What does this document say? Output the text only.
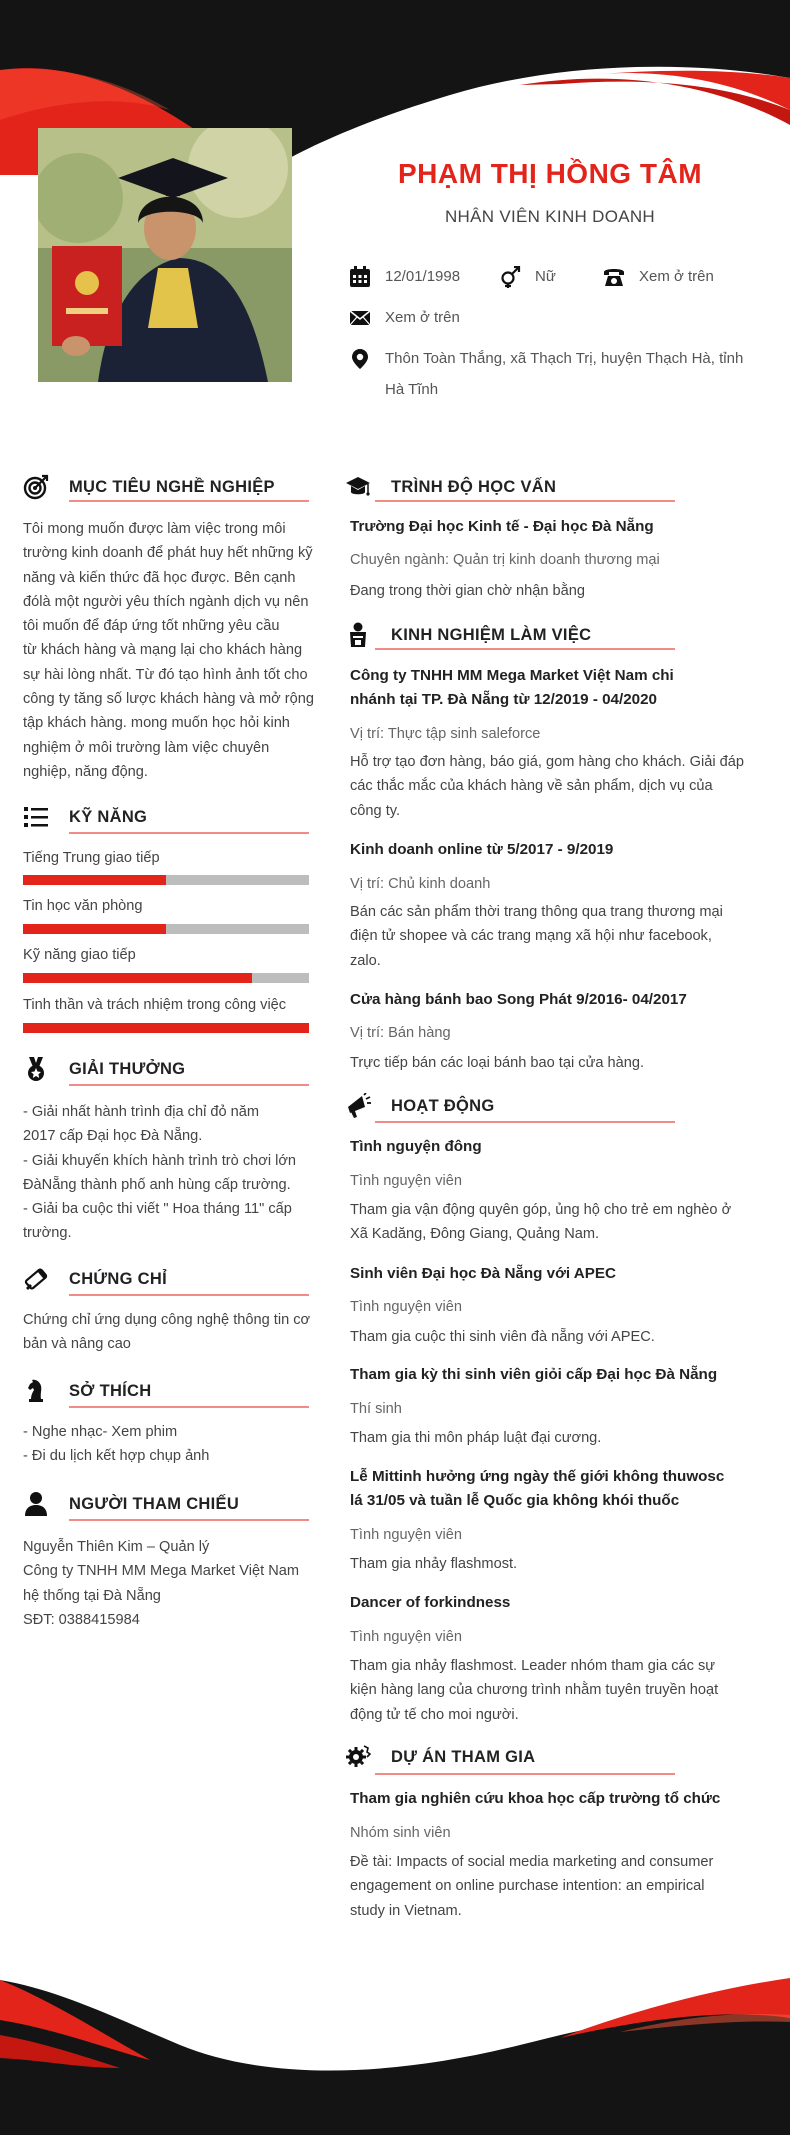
PHẠM THỊ HỒNG TÂM
NHÂN VIÊN KINH DOANH
12/01/1998	Nữ	Xem ở trên
Xem ở trên
Thôn Toàn Thắng, xã Thạch Trị, huyện Thạch Hà, tỉnh
Hà Tĩnh
MỤC TIÊU NGHỀ NGHIỆP
Tôi mong muốn được làm việc trong môi
trường kinh doanh để phát huy hết những kỹ
năng và kiến thức đã học được. Bên cạnh
đólà một người yêu thích ngành dịch vụ nên
tôi muốn để đáp ứng tốt những yêu cầu
từ khách hàng và mạng lại cho khách hàng
sự hài lòng nhất. Từ đó tạo hình ảnh tốt cho
công ty tăng số lược khách hàng và mở rộng
tập khách hàng. mong muốn học hỏi kinh
nghiệm ở môi trường làm việc chuyên
nghiệp, năng động.
KỸ NĂNG
Tiếng Trung giao tiếp
Tin học văn phòng
Kỹ năng giao tiếp
Tinh thần và trách nhiệm trong công việc
GIẢI THƯỞNG
- Giải nhất hành trình địa chỉ đỏ năm
2017 cấp Đại học Đà Nẵng.
- Giải khuyến khích hành trình trò chơi lớn
ĐàNẵng thành phố anh hùng cấp trường.
- Giải ba cuộc thi viết " Hoa tháng 11" cấp
trường.
CHỨNG CHỈ
Chứng chỉ ứng dụng công nghệ thông tin cơ
bản và nâng cao
SỞ THÍCH
- Nghe nhạc- Xem phim
- Đi du lịch kết hợp chụp ảnh
NGƯỜI THAM CHIẾU
Nguyễn Thiên Kim – Quản lý
Công ty TNHH MM Mega Market Việt Nam
hệ thống tại Đà Nẵng
SĐT: 0388415984
TRÌNH ĐỘ HỌC VẤN
Trường Đại học Kinh tế - Đại học Đà Nẵng
Chuyên ngành: Quản trị kinh doanh thương mại
Đang trong thời gian chờ nhận bằng
KINH NGHIỆM LÀM VIỆC
Công ty TNHH MM Mega Market Việt Nam chi
nhánh tại TP. Đà Nẵng từ 12/2019 - 04/2020
Vị trí: Thực tập sinh saleforce
Hỗ trợ tạo đơn hàng, báo giá, gom hàng cho khách. Giải đáp
các thắc mắc của khách hàng về sản phẩm, dịch vụ của
công ty.
Kinh doanh online từ 5/2017 - 9/2019
Vị trí: Chủ kinh doanh
Bán các sản phẩm thời trang thông qua trang thương mại
điện tử shopee và các trang mạng xã hội như facebook,
zalo.
Cửa hàng bánh bao Song Phát 9/2016- 04/2017
Vị trí: Bán hàng
Trực tiếp bán các loại bánh bao tại cửa hàng.
HOẠT ĐỘNG
Tình nguyện đông
Tình nguyện viên
Tham gia vận động quyên góp, ủng hộ cho trẻ em nghèo ở
Xã Kadăng, Đông Giang, Quảng Nam.
Sinh viên Đại học Đà Nẵng với APEC
Tình nguyện viên
Tham gia cuộc thi sinh viên đà nẵng với APEC.
Tham gia kỳ thi sinh viên giỏi cấp Đại học Đà Nẵng
Thí sinh
Tham gia thi môn pháp luật đại cương.
Lễ Mittinh hưởng ứng ngày thế giới không thuwosc
lá 31/05 và tuần lễ Quốc gia không khói thuốc
Tình nguyện viên
Tham gia nhảy flashmost.
Dancer of forkindness
Tình nguyện viên
Tham gia nhảy flashmost. Leader nhóm tham gia các sự
kiện hàng lang của chương trình nhằm tuyên truyền hoạt
động tử tế cho moi người.
DỰ ÁN THAM GIA
Tham gia nghiên cứu khoa học cấp trường tổ chức
Nhóm sinh viên
Đề tài: Impacts of social media marketing and consumer
engagement on online purchase intention: an empirical
study in Vietnam.
